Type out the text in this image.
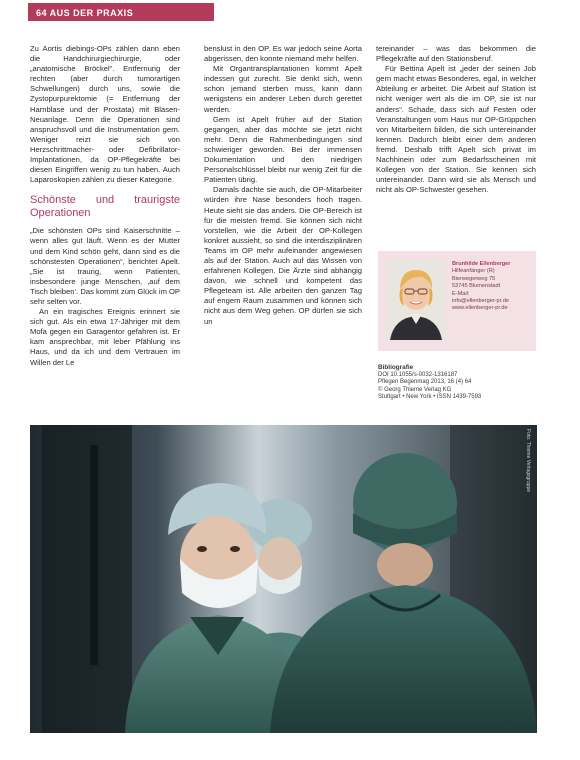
64 AUS DER PRAXIS

Zu Aortis diebings-OPs zählen dann eben die Handchirurgiechirurgie, oder „anatomische Bröckel“. Entfernung der rechten (aber durch tumorartigen Schwellungen) durch uns, sowie die Zystopurpurektomie (= Entfernung der Harnblase und der Prostata) mit Blasen-Neuanlage. Denn die Operationen sind anspruchsvoll und die Instrumentation gern. Weniger reizt sie sich von Herzschrittmacher- oder Defibrillator-Implantationen, da OP-Pflegekräfte bei diesen Eingriffen wenig zu tun haben. Auch Laparoskopien zählen zu dieser Kategorie.

Schönste und traurigste Operationen

„Die schönsten OPs sind Kaiserschnitte – wenn alles gut läuft. Wenn es der Mutter und dem Kind schön geht, dann sind es die schönstesten Operationen“, berichtet Apelt. „Sie ist traurig, wenn Patienten, insbesondere junge Menschen, ‚auf dem Tisch bleiben‘. Das kommt zum Glück im OP sehr selten vor.

An ein tragisches Ereignis erinnert sie sich gut. Als ein etwa 17-Jähriger mit dem Mofa gegen ein Garagentor gefahren ist. Er kam ansprechbar, mit leber Pfählung ins Haus, und da ich und dem Vertrauen im Willen der Le

benslust in den OP. Es war jedoch seine Aorta abgerissen, den konnte niemand mehr helfen.

Mit Organtransplantationen kommt Apelt indessen gut zurecht. Sie denkt sich, wenn schon jemand sterben muss, kann dann wenigstens ein anderer Leben durch gerettet werden.

Gern ist Apelt früher auf der Station gegangen, aber das möchte sie jetzt nicht mehr. Denn die Rahmenbedingungen sind schwieriger geworden. Bei der immensen Dokumentation und den niedrigen Personalschlüssel bleibt nur wenig Zeit für die Patienten übrig.

Damals dachte sie auch, die OP-Mitarbeiter würden ihre Nase besonders hoch tragen. Heute sieht sie das anders. Die OP-Bereich ist für die meisten fremd. Sie können sich nicht vorstellen, wie die Arbeit der OP-Kollegen konkret aussieht, so sind die interdisziplinären Teams im OP mehr aufeinander angewiesen als auf der Station. Auch auf das Wissen von erfahrenen Kollegen. Die Ärzte sind abhängig davon, wie schnell und kompetent das Pflegeteam ist. Alle arbeiten den ganzen Tag auf engem Raum zusammen und können sich nicht aus dem Weg gehen. OP dürfen sie sich un

tereinander – was das bekommen die Pflegekräfte auf den Stationsberuf.

Für Bettina Apelt ist „jeder der seinen Job gern macht etwas Besonderes, egal, in welcher Abteilung er arbeitet. Die Arbeit auf Station ist nicht weniger wert als die im OP, sie ist nur anders“. Schade, dass sich auf Festen oder Veranstaltungen vom Haus nur OP-Grüppchen von Mitarbeitern bilden, die sich untereinander kennen. Dadurch bleibt einer dem anderen fremd. Deshalb trifft Apelt sich privat im Nachhinein oder zum Bedarfsscheinen mit Kollegen von der Station. Sie kennen sich untereinander. Dann wird sie als Mensch und nicht als OP-Schwester gesehen.

Brunhilde Ellenberger
Hilfeanfänger (R)
Bierwegerweg 75
53745 Blumenstadt
E-Mail:
info@ellenberger-pr.de
www.ellenberger-pr.de
Bibliografie
DOI 10.1055/s-0032-1316187
Pflegen Begenmag 2013, 16 (4) 64
© Georg Thieme Verlag KG
Stuttgart • New York • ISSN 1439-7593
Foto: Thieme Verlagsgruppe
